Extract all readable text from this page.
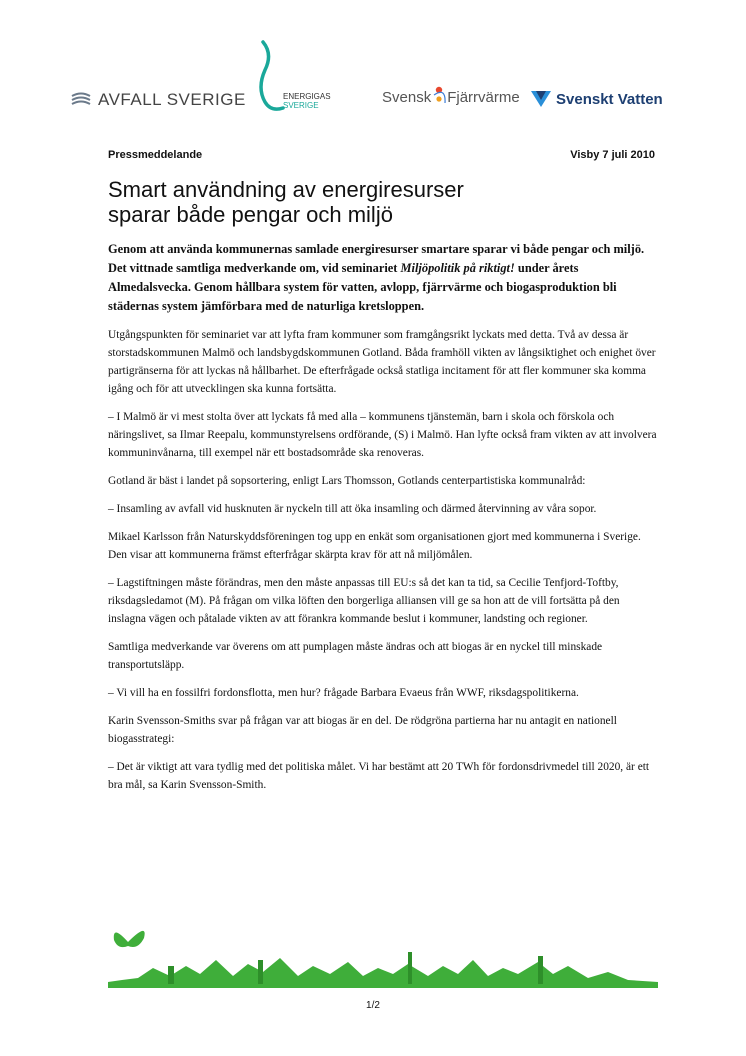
AVFALL SVERIGE	ENERGIGAS
SVERIGE	Svensk Fjärrvärme Svenskt Vatten
Pressmeddelande	Visby 7 juli 2010
Smart användning av energiresurser
sparar både pengar och miljö

Genom att använda kommunernas samlade energiresurser smartare sparar vi både pengar och miljö. Det vittnade samtliga medverkande om, vid seminariet Miljöpolitik på riktigt! under årets Almedalsvecka. Genom hållbara system för vatten, avlopp, fjärrvärme och biogasproduktion bli städernas system jämförbara med de naturliga kretsloppen.

Utgångspunkten för seminariet var att lyfta fram kommuner som framgångsrikt lyckats med detta. Två av dessa är storstadskommunen Malmö och landsbygdskommunen Gotland. Båda framhöll vikten av långsiktighet och enighet över partigränserna för att lyckas nå hållbarhet. De efterfrågade också statliga incitament för att fler kommuner ska komma igång och för att utvecklingen ska kunna fortsätta.

– I Malmö är vi mest stolta över att lyckats få med alla – kommunens tjänstemän, barn i skola och förskola och näringslivet, sa Ilmar Reepalu, kommunstyrelsens ordförande, (S) i Malmö. Han lyfte också fram vikten av att involvera kommuninvånarna, till exempel när ett bostadsområde ska renoveras.

Gotland är bäst i landet på sopsortering, enligt Lars Thomsson, Gotlands centerpartistiska kommunalråd:

– Insamling av avfall vid husknuten är nyckeln till att öka insamling och därmed återvinning av våra sopor.

Mikael Karlsson från Naturskyddsföreningen tog upp en enkät som organisationen gjort med kommunerna i Sverige. Den visar att kommunerna främst efterfrågar skärpta krav för att nå miljömålen.

– Lagstiftningen måste förändras, men den måste anpassas till EU:s så det kan ta tid, sa Cecilie Tenfjord-Toftby, riksdagsledamot (M). På frågan om vilka löften den borgerliga alliansen vill ge sa hon att de vill fortsätta på den inslagna vägen och påtalade vikten av att förankra kommande beslut i kommuner, landsting och regioner.

Samtliga medverkande var överens om att pumplagen måste ändras och att biogas är en nyckel till minskade transportutsläpp.

– Vi vill ha en fossilfri fordonsflotta, men hur? frågade Barbara Evaeus från WWF, riksdagspolitikerna.

Karin Svensson-Smiths svar på frågan var att biogas är en del. De rödgröna partierna har nu antagit en nationell biogasstrategi:

– Det är viktigt att vara tydlig med det politiska målet. Vi har bestämt att 20 TWh för fordonsdrivmedel till 2020, är ett bra mål, sa Karin Svensson-Smith.

1/2
